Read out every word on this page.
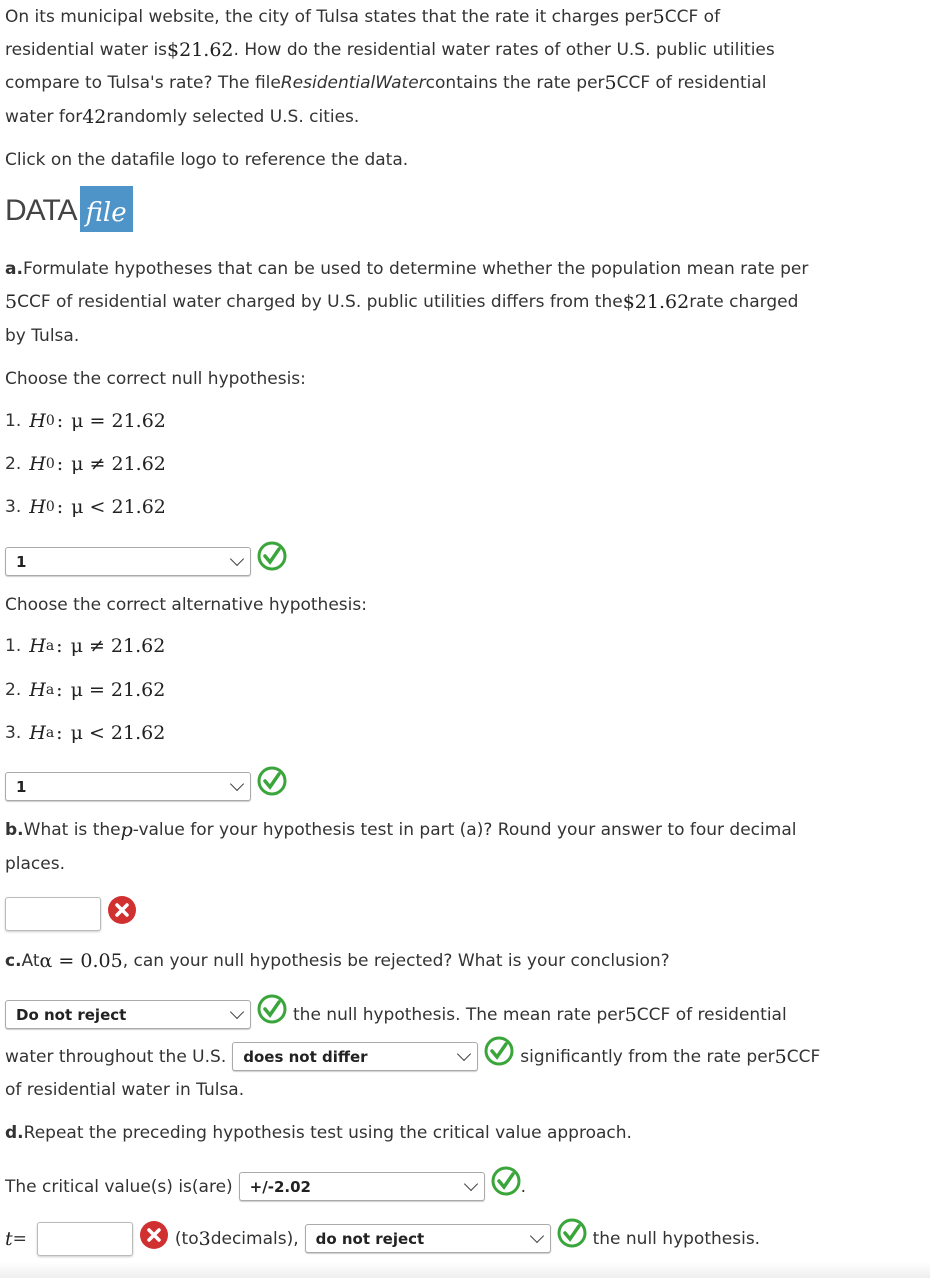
On its municipal website, the city of Tulsa states that the rate it charges per 5 CCF of
residential water is $21.62 . How do the residential water rates of other U.S. public utilities
compare to Tulsa's rate? The file ResidentialWater contains the rate per 5 CCF of residential
water for 42 randomly selected U.S. cities.
Click on the datafile logo to reference the data.
DATA file
a. Formulate hypotheses that can be used to determine whether the population mean rate per
5 CCF of residential water charged by U.S. public utilities differs from the $21.62 rate charged
by Tulsa.
Choose the correct null hypothesis:
1. H 0 : μ = 21.62
2. H 0 : μ ≠ 21.62
3. H 0 : μ < 21.62
1
Choose the correct alternative hypothesis:
1. H a : μ ≠ 21.62
2. H a : μ = 21.62
3. H a : μ < 21.62
1
b. What is the p -value for your hypothesis test in part (a)? Round your answer to four decimal
places.
c. At α = 0.05 , can your null hypothesis be rejected? What is your conclusion?
Do not reject	the null hypothesis. The mean rate per 5 CCF of residential
water throughout the U.S. does not differ	significantly from the rate per 5 CCF
of residential water in Tulsa.
d. Repeat the preceding hypothesis test using the critical value approach.
The critical value(s) is(are) +/-2.02	.
t =	(to 3 decimals), do not reject	the null hypothesis.
